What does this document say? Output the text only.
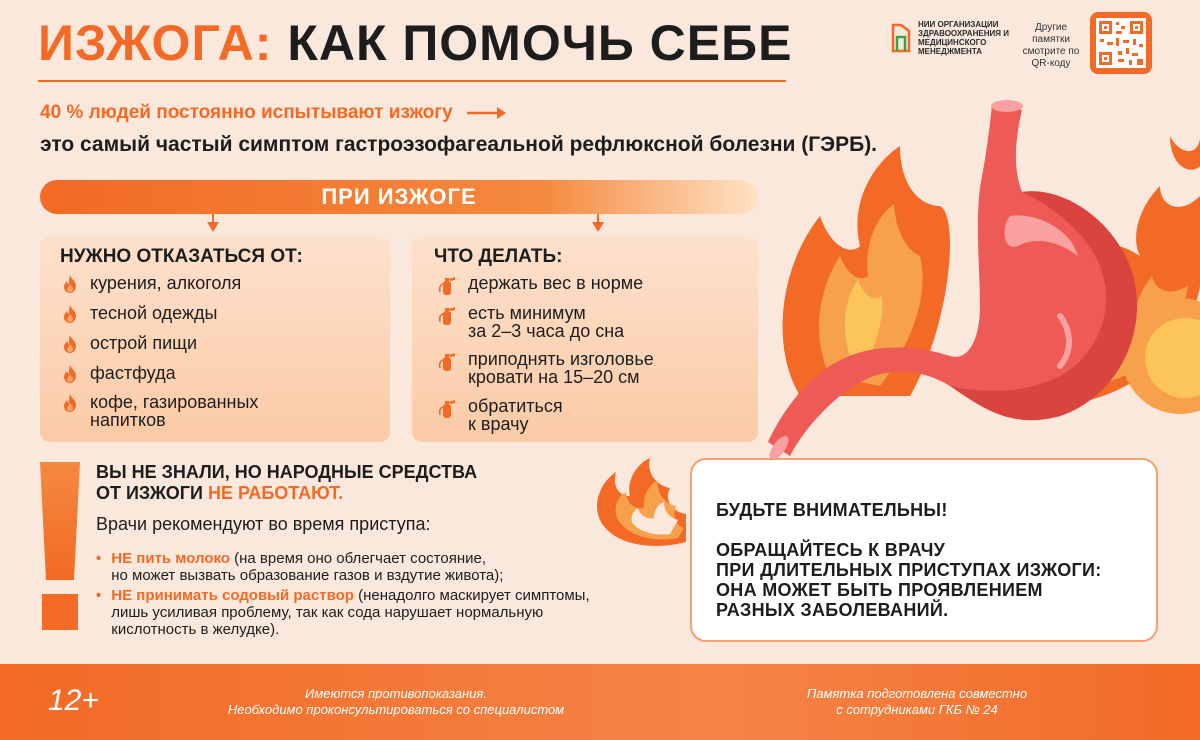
ИЗЖОГА: КАК ПОМОЧЬ СЕБЕ	НИИ ОРГАНИЗАЦИИ ЗДРАВООХРАНЕНИЯ И МЕДИЦИНСКОГО МЕНЕДЖМЕНТА
Другие памятки смотрите по QR-коду
40 % людей постоянно испытывают изжогу
это самый частый симптом гастроэзофагеальной рефлюксной болезни (ГЭРБ).
ПРИ ИЗЖОГЕ
НУЖНО ОТКАЗАТЬСЯ ОТ:
курения, алкоголя
тесной одежды
острой пищи
фастфуда
кофе, газированных
напитков
ЧТО ДЕЛАТЬ:
держать вес в норме
есть минимум
за 2–3 часа до сна
приподнять изголовье
кровати на 15–20 см
обратиться
к врачу
ВЫ НЕ ЗНАЛИ, НО НАРОДНЫЕ СРЕДСТВА
ОТ ИЗЖОГИ НЕ РАБОТАЮТ.
Врачи рекомендуют во время приступа:
• НЕ пить молоко (на время оно облегчает состояние,
но может вызвать образование газов и вздутие живота);
• НЕ принимать содовый раствор (ненадолго маскирует симптомы,
лишь усиливая проблему, так как сода нарушает нормальную
кислотность в желудке).
БУДЬТЕ ВНИМАТЕЛЬНЫ!
ОБРАЩАЙТЕСЬ К ВРАЧУ
ПРИ ДЛИТЕЛЬНЫХ ПРИСТУПАХ ИЗЖОГИ:
ОНА МОЖЕТ БЫТЬ ПРОЯВЛЕНИЕМ
РАЗНЫХ ЗАБОЛЕВАНИЙ.
12+	Имеются противопоказания.
Необходимо проконсультироваться со специалистом
Памятка подготовлена совместно
с сотрудниками ГКБ № 24
